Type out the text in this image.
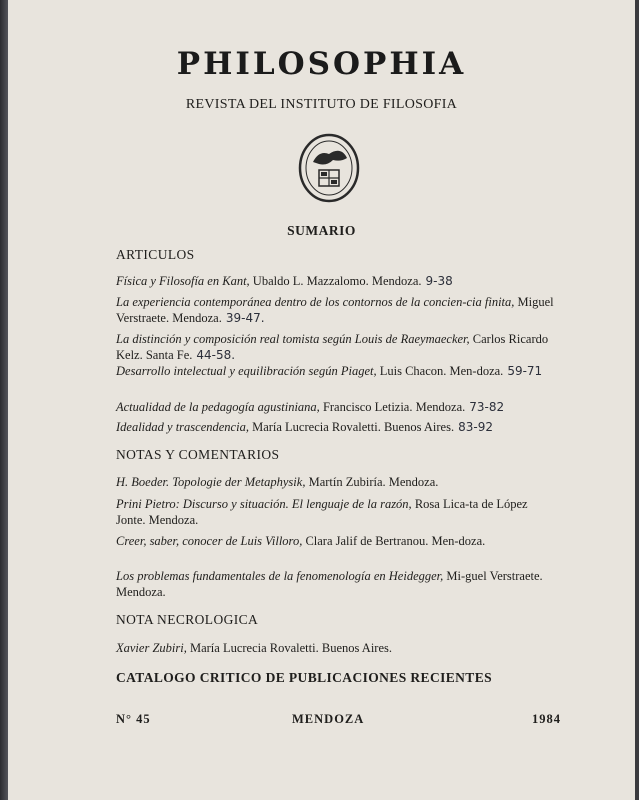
PHILOSOPHIA
REVISTA DEL INSTITUTO DE FILOSOFIA
SUMARIO
ARTICULOS
Física y Filosofía en Kant, Ubaldo L. Mazzalomo. Mendoza. 9-38
La experiencia contemporánea dentro de los contornos de la concien-cia finita, Miguel Verstraete. Mendoza. 39-47.
La distinción y composición real tomista según Louis de Raeymaecker, Carlos Ricardo Kelz. Santa Fe. 44-58.
Desarrollo intelectual y equilibración según Piaget, Luis Chacon. Men-doza. 59-71
Actualidad de la pedagogía agustiniana, Francisco Letizia. Mendoza. 73-82
Idealidad y trascendencia, María Lucrecia Rovaletti. Buenos Aires. 83-92
NOTAS Y COMENTARIOS
H. Boeder. Topologie der Metaphysik, Martín Zubiría. Mendoza.
Prini Pietro: Discurso y situación. El lenguaje de la razón, Rosa Lica-ta de López Jonte. Mendoza.
Creer, saber, conocer de Luis Villoro, Clara Jalif de Bertranou. Men-doza.
Los problemas fundamentales de la fenomenología en Heidegger, Mi-guel Verstraete. Mendoza.
NOTA NECROLOGICA
Xavier Zubiri, María Lucrecia Rovaletti. Buenos Aires.
CATALOGO CRITICO DE PUBLICACIONES RECIENTES
N° 45	MENDOZA	1984
